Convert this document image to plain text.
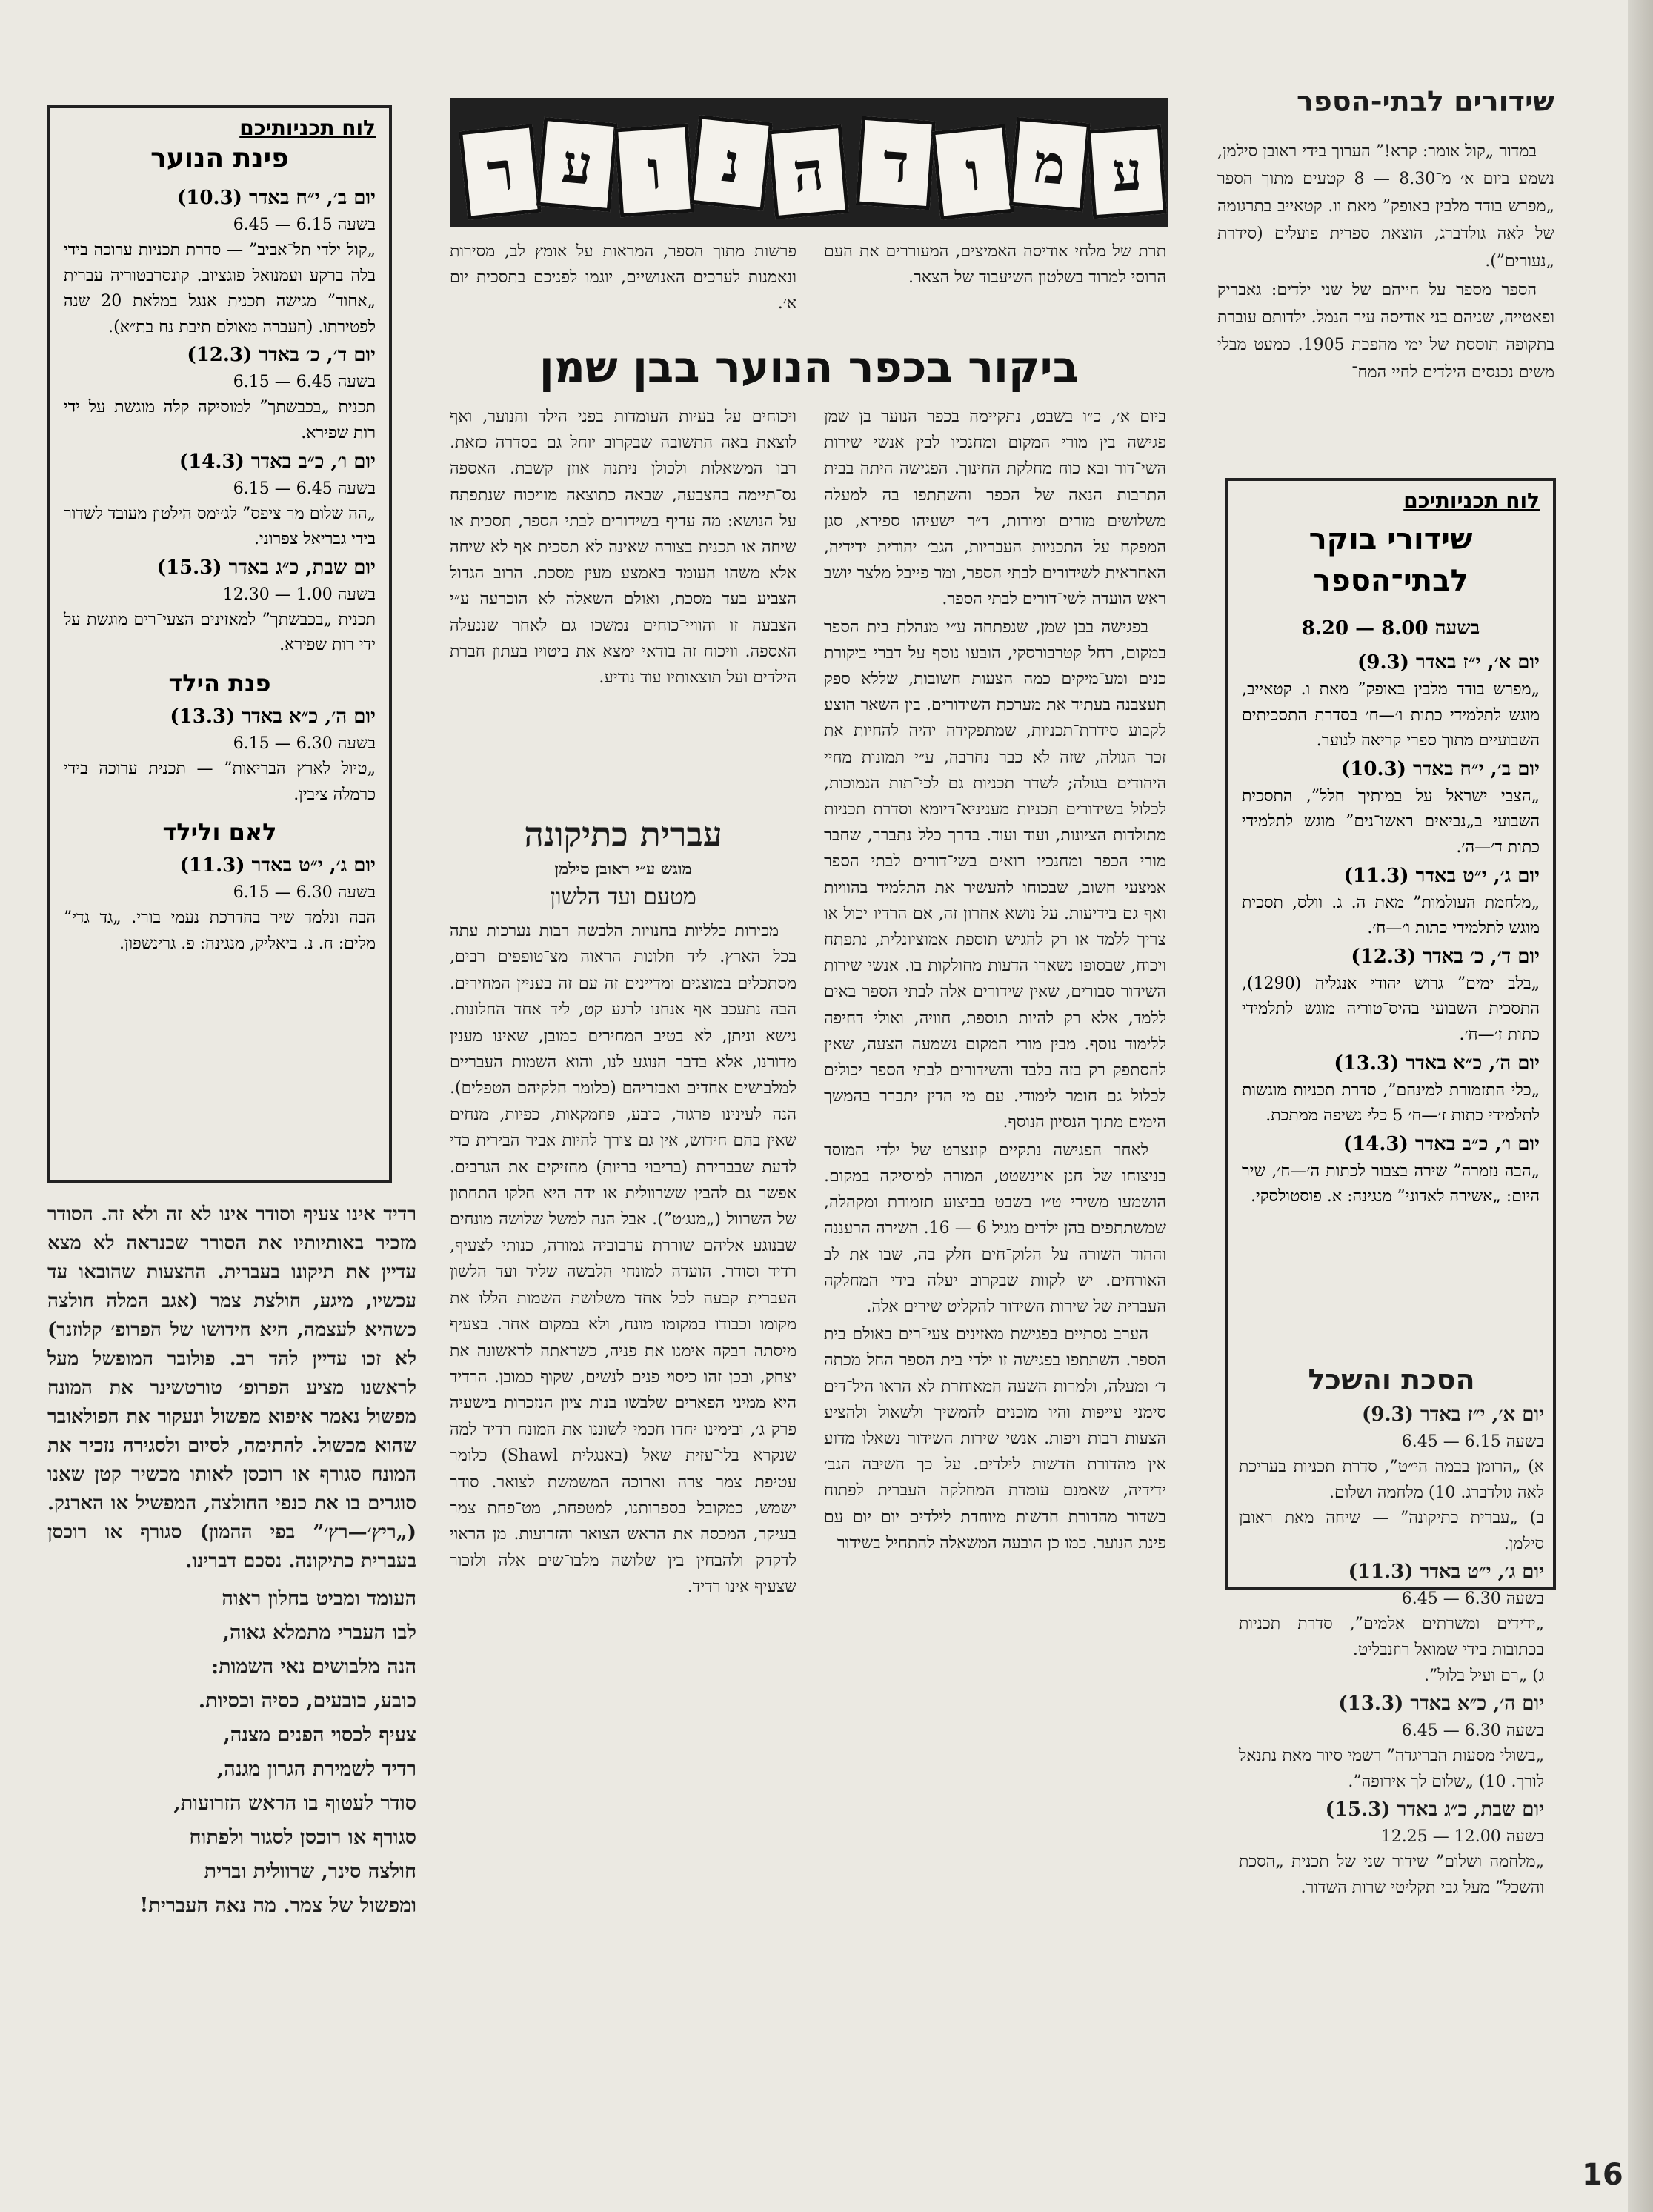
שידורים לבתי-הספר

במדור „קול אומר: קרא!” הערוך בידי ראובן סילמן, נשמע ביום א׳ מ־8.30 — 8 קטעים מתוך הספר „מפרש בודד מלבין באופק” מאת וו. קטאייב בתרגומה של לאה גולדברג, הוצאת ספרית פועלים (סידרת „נעורים”).

הספר מספר על חייהם של שני ילדים: גאבריק ופאטייה, שניהם בני אודיסה עיר הנמל. ילדותם עוברת בתקופה תוססת של ימי מהפכת 1905. כמעט מבלי משים נכנסים הילדים לחיי המח־

לוח תכניותיכם
שידורי בוקר לבתי־הספר
בשעה 8.00 — 8.20
יום א׳, י״ז באדר (9.3)
„מפרש בודד מלבין באופק” מאת ו. קטאייב, מוגש לתלמידי כתות ו׳—ח׳ בסדרת התסכיתים השבועיים מתוך ספרי קריאה לנוער.
יום ב׳, י״ח באדר (10.3)
„הצבי ישראל על במותיך חלל”, התסכית השבועי ב„נביאים ראשו־נים” מוגש לתלמידי כתות ד׳—ה׳.
יום ג׳, י״ט באדר (11.3)
„מלחמת העולמות” מאת ה. ג. וולס, תסכית מוגש לתלמידי כתות ו׳—ח׳.
יום ד׳, כ׳ באדר (12.3)
„בלב ימים” גרוש יהודי אנגליה (1290), התסכית השבועי בהיס־טוריה מוגש לתלמידי כתות ז׳—ח׳.
יום ה׳, כ״א באדר (13.3)
„כלי התזמורת למינהם”, סדרת תכניות מוגשות לתלמידי כתות ז׳—ח׳ 5 כלי נשיפה ממתכת.
יום ו׳, כ״ב באדר (14.3)
„הבה נזמרה” שירה בצבור לכתות ה׳—ח׳, שיר היום: „אשירה לאדוני” מנגינה: א. פוסטולסקי.
ר ע ו	נ ה	ד ו מ ע

תרת של מלחי אודיסה האמיצים, המעוררים את העם הרוסי למרוד בשלטון השיעבוד של הצאר.

פרשות מתוך הספר, המראות על אומץ לב, מסירות ונאמנות לערכים האנושיים, יוגמו לפניכם בתסכית יום א׳.

ביקור בכפר הנוער בבן שמן

ביום א׳, כ״ו בשבט, נתקיימה בכפר הנוער בן שמן פגישה בין מורי המקום ומחנכיו לבין אנשי שירות השי־דור ובא כוח מחלקת החינוך. הפגישה היתה בבית התרבות הנאה של הכפר והשתתפו בה למעלה משלושים מורים ומורות, ד״ר ישעיהו ספירא, סגן המפקח על התכניות העבריות, הגב׳ יהודית ידידיה, האחראית לשידורים לבתי הספר, ומר פייבל מלצר יושב ראש הועדה לשי־דורים לבתי הספר.

בפגישה בבן שמן, שנפתחה ע״י מנהלת בית הספר במקום, רחל קטרבורסקי, הובעו נוסף על דברי ביקורת כנים ומע־מיקים כמה הצעות חשובות, שללא ספק תעצבנה בעתיד את מערכת השידורים. בין השאר הוצע לקבוע סידרת־תכניות, שמתפקידה יהיה להחיות את זכר הגולה, שזה לא כבר נחרבה, ע״י תמונות מחיי היהודים בגולה; לשדר תכניות גם לכי־תות הנמוכות, לכלול בשידורים תכניות מעניניא־דיומא וסדרת תכניות מתולדות הציונות, ועוד ועוד. בדרך כלל נתברר, שחבר מורי הכפר ומחנכיו רואים בשי־דורים לבתי הספר אמצעי חשוב, שבכוחו להעשיר את התלמיד בהוויות ואף גם בידיעות. על נושא אחרון זה, אם הרדיו יכול או צריך ללמד או רק להגיש תוספת אמוציונלית, נתפתח ויכוח, שבסופו נשארו הדעות מחולקות בו. אנשי שירות השידור סבורים, שאין שידורים אלה לבתי הספר באים ללמד, אלא רק להיות תוספת, חוויה, ואולי דחיפה ללימוד נוסף. מבין מורי המקום נשמעה הצעה, שאין להסתפק רק בזה בלבד והשידורים לבתי הספר יכולים לכלול גם חומר לימודי. עם מי הדין יתברר בהמשך הימים מתוך הנסיון הנוסף.

לאחר הפגישה נתקיים קונצרט של ילדי המוסד בניצוחו של חנן אוינשטט, המורה למוסיקה במקום. הושמעו משירי ט״ו בשבט בביצוע תזמורת ומקהלה, שמשתתפים בהן ילדים מגיל 6 — 16. השירה הרעננה וההוד השורה על הלוק־חים חלק בה, שבו את לב האורחים. יש לקוות שבקרוב יעלה בידי המחלקה העברית של שירות השידור להקליט שירים אלה.

הערב נסתיים בפגישת מאזינים צעי־רים באולם בית הספר. השתתפו בפגישה זו ילדי בית הספר החל מכתה ד׳ ומעלה, ולמרות השעה המאוחרת לא הראו היל־דים סימני עייפות והיו מוכנים להמשיך ולשאול ולהציע הצעות רבות ויפות. אנשי שירות השידור נשאלו מדוע אין מהדורת חדשות לילדים. על כך השיבה הגב׳ ידידיה, שאמנם עומדת המחלקה העברית לפתוח בשדור מהדורת חדשות מיוחדת לילדים יום יום עם פינת הנוער. כמו כן הובעה המשאלה להתחיל בשידור

ויכוחים על בעיות העומדות בפני הילד והנוער, ואף לוצאת באה התשובה שבקרוב יוחל גם בסדרה כזאת. רבו המשאלות ולכולן ניתנה אוזן קשבת. האספה נס־תיימה בהצבעה, שבאה כתוצאה מוויכוח שנתפתח על הנושא: מה עדיף בשידורים לבתי הספר, תסכית או שיחה או תכנית בצורה שאינה לא תסכית אף לא שיחה אלא משהו העומד באמצע מעין מסכת. הרוב הגדול הצביע בעד מסכת, ואולם השאלה לא הוכרעה ע״י הצבעה זו והוויי־כוחים נמשכו גם לאחר שננעלה האספה. וויכוח זה בודאי ימצא את ביטויו בעתון חברת הילדים ועל תוצאותיו עוד נודיע.

עברית כתיקונה
מוגש ע״י ראובן סילמן
מטעם ועד הלשון

מכירות כלליות בחנויות הלבשה רבות נערכות עתה בכל הארץ. ליד חלונות הראוה מצ־טופפים רבים, מסתכלים במוצגים ומדיינים זה עם זה בעניין המחירים. הבה נתעכב אף אנחנו לרגע קט, ליד אחד החלונות. נישא וניתן, לא בטיב המחירים כמובן, שאינו מענין מדורנו, אלא בדבר הנוגע לנו, והוא השמות העבריים למלבושים אחדים ואבזריהם (כלומר חלקיהם הטפלים). הנה לעינינו פרגוד, כובע, פוזמקאות, כפיות, מנחים שאין בהם חידוש, אין גם צורך להיות אביר הבירית כדי לדעת שבברירת (בריבוי בריות) מחזיקים את הגרבים. אפשר גם להבין ששרוולית או ידה היא חלקו התחתון של השרוול („מנג׳ט”). אבל הנה למשל שלושה מונחים שבנוגע אליהם שוררת ערבוביה גמורה, כנותי לצעיף, רדיד וסודר. הועדה למונחי הלבשה שליד ועד הלשון העברית קבעה לכל אחד משלושת השמות הללו את מקומו וכבודו במקומו מונח, ולא במקום אחר. בצעיף מיסתה רבקה אימנו את פניה, כשראתה לראשונה את יצחק, ובכן זהו כיסוי פנים לנשים, שקוף כמובן. הרדיד היא ממיני הפארים שלבשו בנות ציון הנזכרות בישעיה פרק ג׳, ובימינו יחדו חכמי לשוננו את המונח רדיד למה שנקרא בלו־עזית שאל (באנגלית Shawl) כלומר עטיפת צמר צרה וארוכה המשמשת לצואר. סודר ישמש, כמקובל בספרותנו, למטפחת, מט־פחת צמר בעיקר, המכסה את הראש הצואר והזרועות. מן הראוי לדקדק ולהבחין בין שלושה מלבו־שים אלה ולזכור שצעיף אינו רדיד.

לוח תכניותיכם
פינת הנוער
יום ב׳, י״ח באדר (10.3)
בשעה 6.15 — 6.45
„קול ילדי תל־אביב” — סדרת תכניות ערוכה בידי בלה ברקע ועמנואל פוגציוב. קונסרבטוריה עברית „אחוד” מגישה תכנית אנגל במלאת 20 שנה לפטירתו. (העברה מאולם תיבת נח בת״א).
יום ד׳, כ׳ באדר (12.3)
בשעה 6.45 — 6.15
תכנית „בכבשתך” למוסיקה קלה מוגשת על ידי רות שפירא.
יום ו׳, כ״ב באדר (14.3)
בשעה 6.45 — 6.15
„הה שלום מר ציפס” לג׳ימס הילטון מעובד לשדור בידי גבריאל צפרוני.
יום שבת, כ״ג באדר (15.3)
בשעה 1.00 — 12.30
תכנית „בכבשתך” למאזינים הצעי־רים מוגשת על ידי רות שפירא.
פנת הילד
יום ה׳, כ״א באדר (13.3)
בשעה 6.30 — 6.15
„טיול לארץ הבריאות” — תכנית ערוכה בידי כרמלה ציבין.
לאם ולילד
יום ג׳, י״ט באדר (11.3)
בשעה 6.30 — 6.15
הבה ונלמד שיר בהדרכת נעמי בורי. „גד גדי” מלים: ח. נ. ביאליק, מנגינה: פ. גרינשפון.

רדיד אינו צעיף וסודר אינו לא זה ולא זה. הסודר מזכיר באותיותיו את הסורר שכנראה לא מצא עדיין את תיקונו בעברית. ההצעות שהובאו עד עכשיו, מיגע, חולצת צמר (אגב המלה חולצה כשהיא לעצמה, היא חידושו של הפרופ׳ קלוזנר) לא זכו עדיין להד רב. פולובר המופשל מעל לראשנו מציע הפרופ׳ טורטשינר את המונח מפשול נאמר איפוא מפשול ונעקור את הפולאובר שהוא מכשול. להתימה, לסיום ולסגירה נזכיר את המונח סגורף או רוכסן לאותו מכשיר קטן שאנו סוגרים בו את כנפי החולצה, המפשיל או הארנק. („ריץ׳—רץ׳” בפי ההמון) סגורף או רוכסן בעברית כתיקונה. נסכם דברינו.

העומד ומביט בחלון ראוה
לבו העברי מתמלא גאוה,
הנה מלבושים נאי השמות:
כובע, כובעים, כסיה וכסיות.
צעיף לכסוי הפנים מצנה,
רדיד לשמירת הגרון מגנה,
סודר לעטוף בו הראש הזרועות,
סגורף או רוכסן לסגור ולפתוח
חולצה סינר, שרוולית וברית
ומפשול של צמר. מה נאה העברית!
הסכת והשכל
יום א׳, י״ז באדר (9.3)
בשעה 6.15 — 6.45
א) „הרומן בבמה הי״ט”, סדרת תכניות בעריכת לאה גולדברג. 10) מלחמה ושלום.
ב) „עברית כתיקונה” — שיחה מאת ראובן סילמן.
יום ג׳, י״ט באדר (11.3)
בשעה 6.30 — 6.45
„ידידים ומשרתים אלמים”, סדרת תכניות בכתובות בידי שמואל רוזנבליט.
ג) „רם ועיל בלול”.
יום ה׳, כ״א באדר (13.3)
בשעה 6.30 — 6.45
„בשולי מסעות הבריגדה” רשמי סיור מאת נתנאל לורך. 10) „שלום לך אירופה”.
יום שבת, כ״ג באדר (15.3)
בשעה 12.00 — 12.25
„מלחמה ושלום” שידור שני של תכנית „הסכת והשכל” מעל גבי תקליטי שרות השדור.
16
